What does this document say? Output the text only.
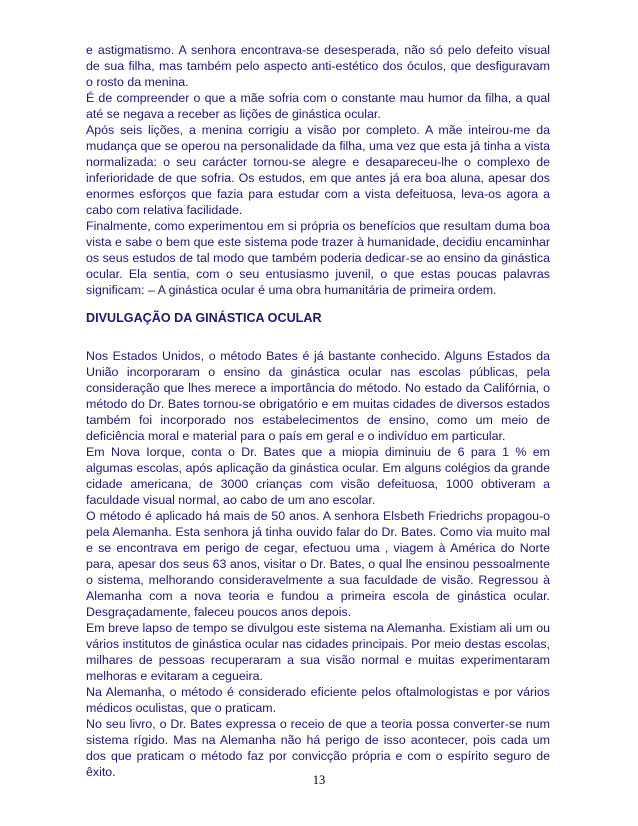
e astigmatismo. A senhora encontrava-se desesperada, não só pelo defeito visual de sua filha, mas também pelo aspecto anti-estético dos óculos, que desfiguravam o rosto da menina.

É de compreender o que a mãe sofria com o constante mau humor da filha, a qual até se negava a receber as lições de ginástica ocular.

Após seis lições, a menina corrigiu a visão por completo. A mãe inteirou-me da mudança que se operou na personalidade da filha, uma vez que esta já tinha a vista normalizada: o seu carácter tornou-se alegre e desapareceu-lhe o complexo de inferioridade de que sofria. Os estudos, em que antes já era boa aluna, apesar dos enormes esforços que fazia para estudar com a vista defeituosa, leva-os agora a cabo com relativa facilidade.

Finalmente, como experimentou em si própria os benefícios que resultam duma boa vista e sabe o bem que este sistema pode trazer à humanidade, decidiu encaminhar os seus estudos de tal modo que também poderia dedicar-se ao ensino da ginástica ocular. Ela sentia, com o seu entusiasmo juvenil, o que estas poucas palavras significam: – A ginástica ocular é uma obra humanitária de primeira ordem.

DIVULGAÇÃO DA GINÁSTICA OCULAR

Nos Estados Unidos, o método Bates é já bastante conhecido. Alguns Estados da União incorporaram o ensino da ginástica ocular nas escolas públicas, pela consideração que lhes merece a importância do método. No estado da Califórnia, o método do Dr. Bates tornou-se obrigatório e em muitas cidades de diversos estados também foi incorporado nos estabelecimentos de ensino, como um meio de deficiência moral e material para o país em geral e o indivíduo em particular.

Em Nova Iorque, conta o Dr. Bates que a miopia diminuiu de 6 para 1 % em algumas escolas, após aplicação da ginástica ocular. Em alguns colégios da grande cidade americana, de 3000 crianças com visão defeituosa, 1000 obtiveram a faculdade visual normal, ao cabo de um ano escolar.

O método é aplicado há mais de 50 anos. A senhora Elsbeth Friedrichs propagou-o pela Alemanha. Esta senhora já tinha ouvido falar do Dr. Bates. Como via muito mal e se encontrava em perigo de cegar, efectuou uma , viagem à América do Norte para, apesar dos seus 63 anos, visitar o Dr. Bates, o qual lhe ensinou pessoalmente o sistema, melhorando consideravelmente a sua faculdade de visão. Regressou à Alemanha com a nova teoria e fundou a primeira escola de ginástica ocular. Desgraçadamente, faleceu poucos anos depois.

Em breve lapso de tempo se divulgou este sistema na Alemanha. Existiam ali um ou vários institutos de ginástica ocular nas cidades principais. Por meio destas escolas, milhares de pessoas recuperaram a sua visão normal e muitas experimentaram melhoras e evitaram a cegueira.

Na Alemanha, o método é considerado eficiente pelos oftalmologistas e por vários médicos oculistas, que o praticam.

No seu livro, o Dr. Bates expressa o receio de que a teoria possa converter-se num sistema rígido. Mas na Alemanha não há perigo de isso acontecer, pois cada um dos que praticam o método faz por convicção própria e com o espírito seguro de êxito.

13
